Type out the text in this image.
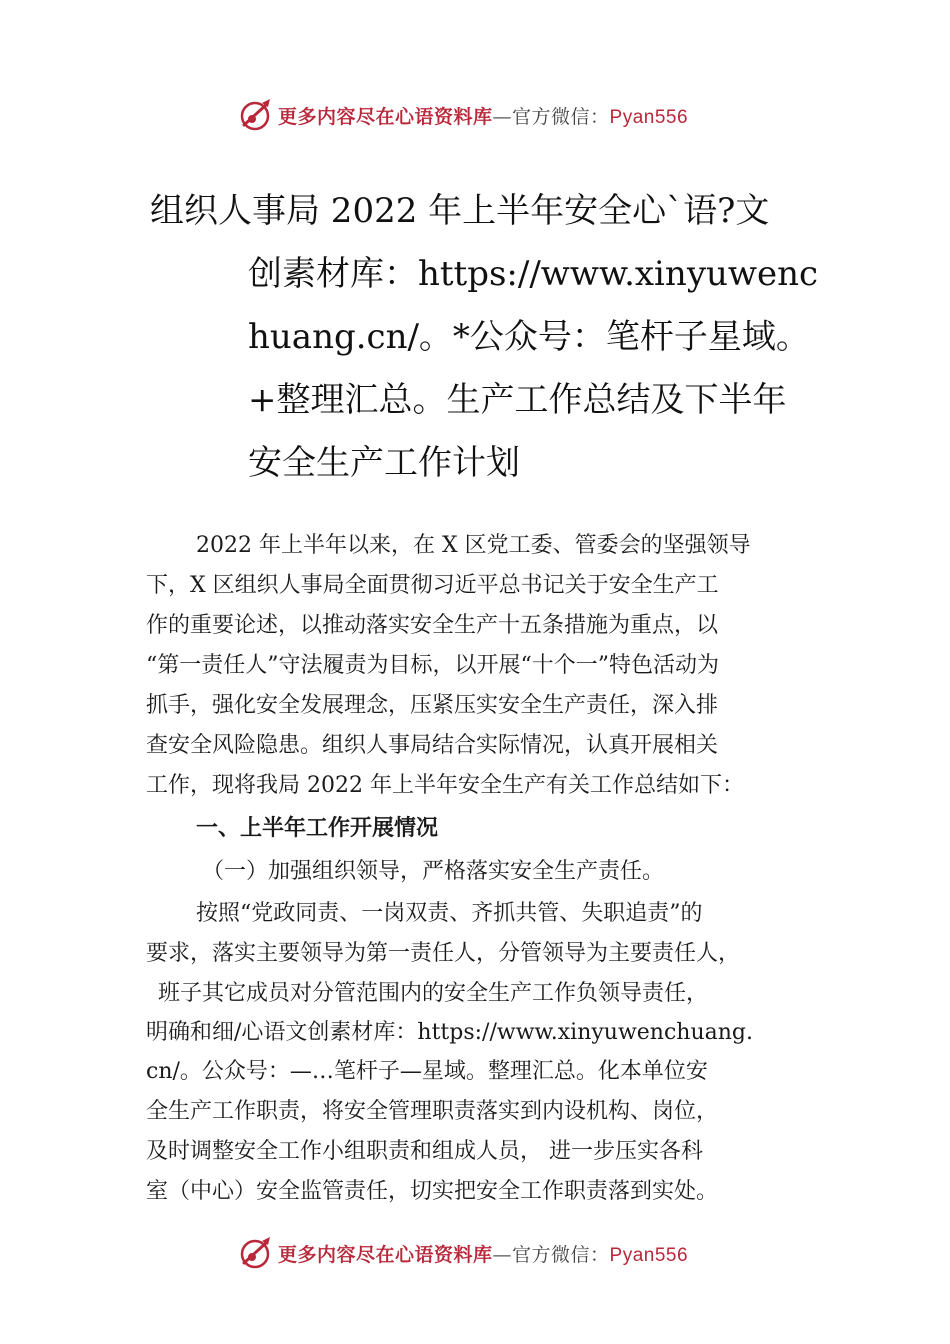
更多内容尽在心语资料库—官方微信：Pyan556
组织人事局 2022 年上半年安全心`语?文
创素材库：https://www.xinyuwenc
huang.cn/。*公众号：笔杆子星域。
+整理汇总。生产工作总结及下半年
安全生产工作计划
2022 年上半年以来，在 X 区党工委、管委会的坚强领导
下，X 区组织人事局全面贯彻习近平总书记关于安全生产工
作的重要论述，以推动落实安全生产十五条措施为重点，以
“第一责任人”守法履责为目标，以开展“十个一”特色活动为
抓手，强化安全发展理念，压紧压实安全生产责任，深入排
查安全风险隐患。组织人事局结合实际情况，认真开展相关
工作，现将我局 2022 年上半年安全生产有关工作总结如下：
一、上半年工作开展情况
（一）加强组织领导，严格落实安全生产责任。
按照“党政同责、一岗双责、齐抓共管、失职追责”的
要求，落实主要领导为第一责任人，分管领导为主要责任人，
班子其它成员对分管范围内的安全生产工作负领导责任，
明确和细/心语文创素材库：https://www.xinyuwenchuang.
cn/。公众号：—…笔杆子—星域。整理汇总。化本单位安
全生产工作职责，将安全管理职责落实到内设机构、岗位，
及时调整安全工作小组职责和组成人员， 进一步压实各科
室（中心）安全监管责任，切实把安全工作职责落到实处。
更多内容尽在心语资料库—官方微信：Pyan556
